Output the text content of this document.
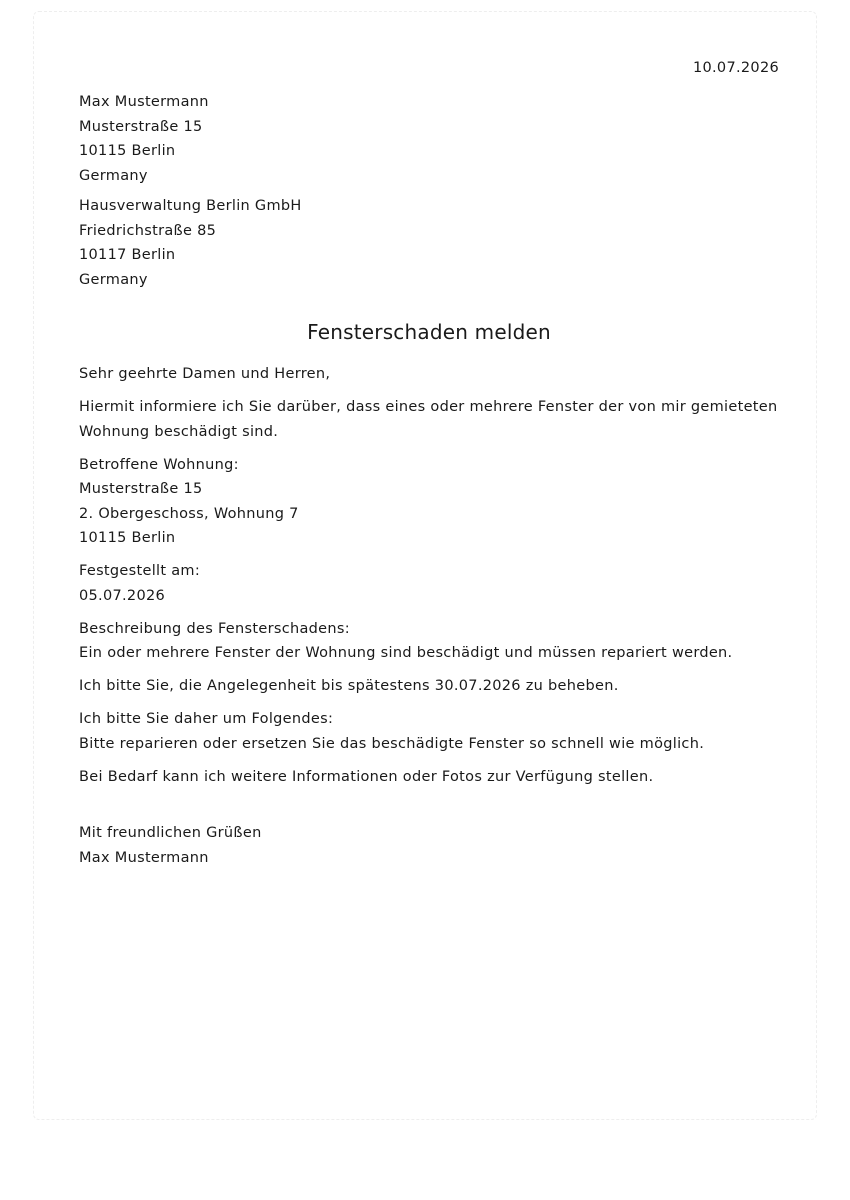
10.07.2026
Max Mustermann
Musterstraße 15
10115 Berlin
Germany
Hausverwaltung Berlin GmbH
Friedrichstraße 85
10117 Berlin
Germany
Fensterschaden melden
Sehr geehrte Damen und Herren,
Hiermit informiere ich Sie darüber, dass eines oder mehrere Fenster der von mir gemieteten Wohnung beschädigt sind.
Betroffene Wohnung:
Musterstraße 15
2. Obergeschoss, Wohnung 7
10115 Berlin
Festgestellt am:
05.07.2026
Beschreibung des Fensterschadens:
Ein oder mehrere Fenster der Wohnung sind beschädigt und müssen repariert werden.
Ich bitte Sie, die Angelegenheit bis spätestens 30.07.2026 zu beheben.
Ich bitte Sie daher um Folgendes:
Bitte reparieren oder ersetzen Sie das beschädigte Fenster so schnell wie möglich.
Bei Bedarf kann ich weitere Informationen oder Fotos zur Verfügung stellen.
Mit freundlichen Grüßen
Max Mustermann
